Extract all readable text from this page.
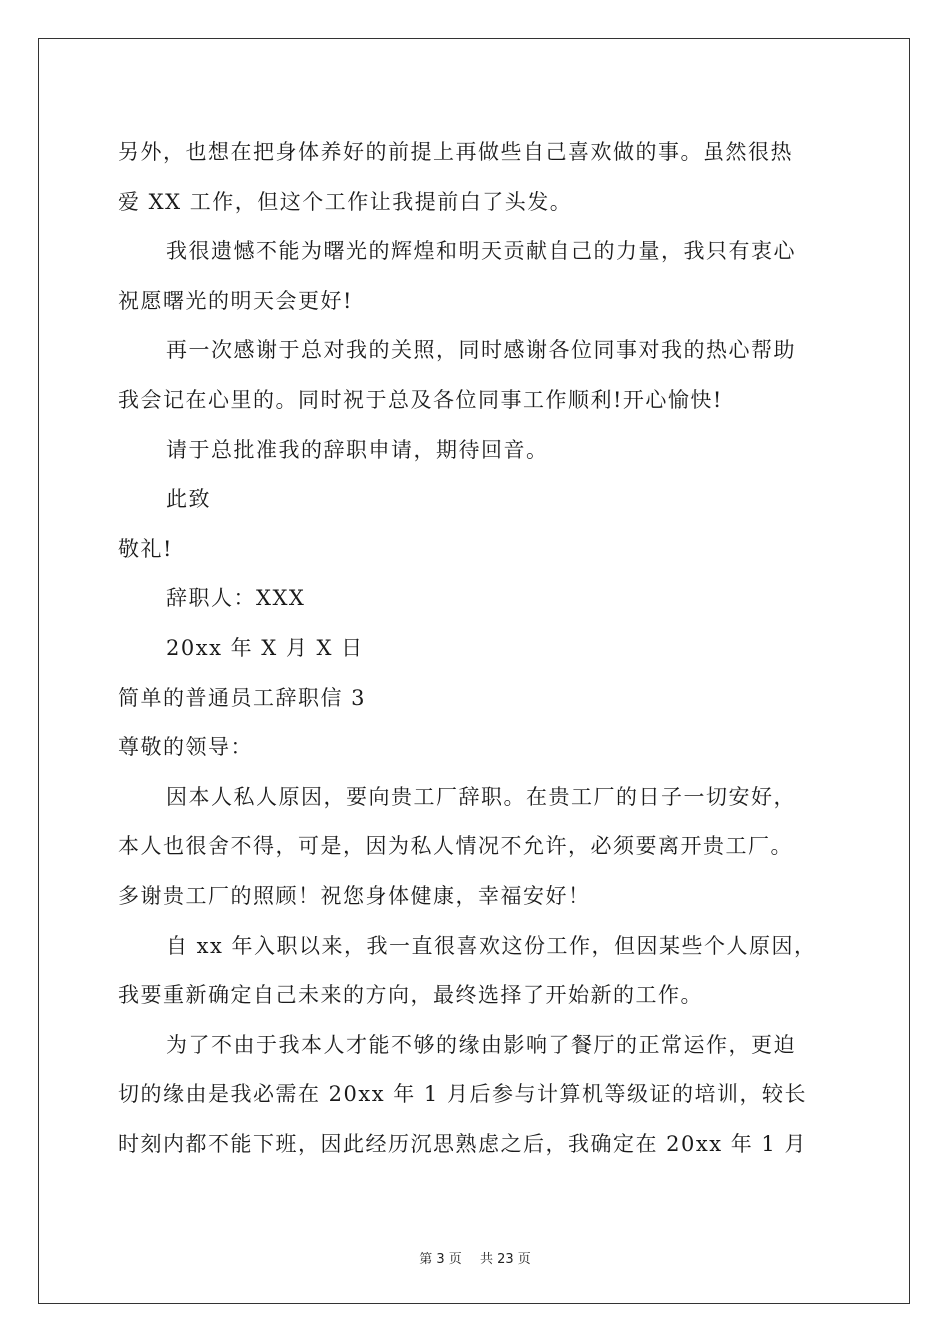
另外，也想在把身体养好的前提上再做些自己喜欢做的事。虽然很热
爱 XX 工作，但这个工作让我提前白了头发。
我很遗憾不能为曙光的辉煌和明天贡献自己的力量，我只有衷心
祝愿曙光的明天会更好!
再一次感谢于总对我的关照，同时感谢各位同事对我的热心帮助
我会记在心里的。同时祝于总及各位同事工作顺利!开心愉快!
请于总批准我的辞职申请，期待回音。
此致
敬礼!
辞职人：XXX
20xx 年 X 月 X 日
简单的普通员工辞职信 3
尊敬的领导：
因本人私人原因，要向贵工厂辞职。在贵工厂的日子一切安好，
本人也很舍不得，可是，因为私人情况不允许，必须要离开贵工厂。
多谢贵工厂的照顾！祝您身体健康，幸福安好！
自 xx 年入职以来，我一直很喜欢这份工作，但因某些个人原因，
我要重新确定自己未来的方向，最终选择了开始新的工作。
为了不由于我本人才能不够的缘由影响了餐厅的正常运作，更迫
切的缘由是我必需在 20xx 年 1 月后参与计算机等级证的培训，较长
时刻内都不能下班，因此经历沉思熟虑之后，我确定在 20xx 年 1 月
第 3 页 共 23 页
